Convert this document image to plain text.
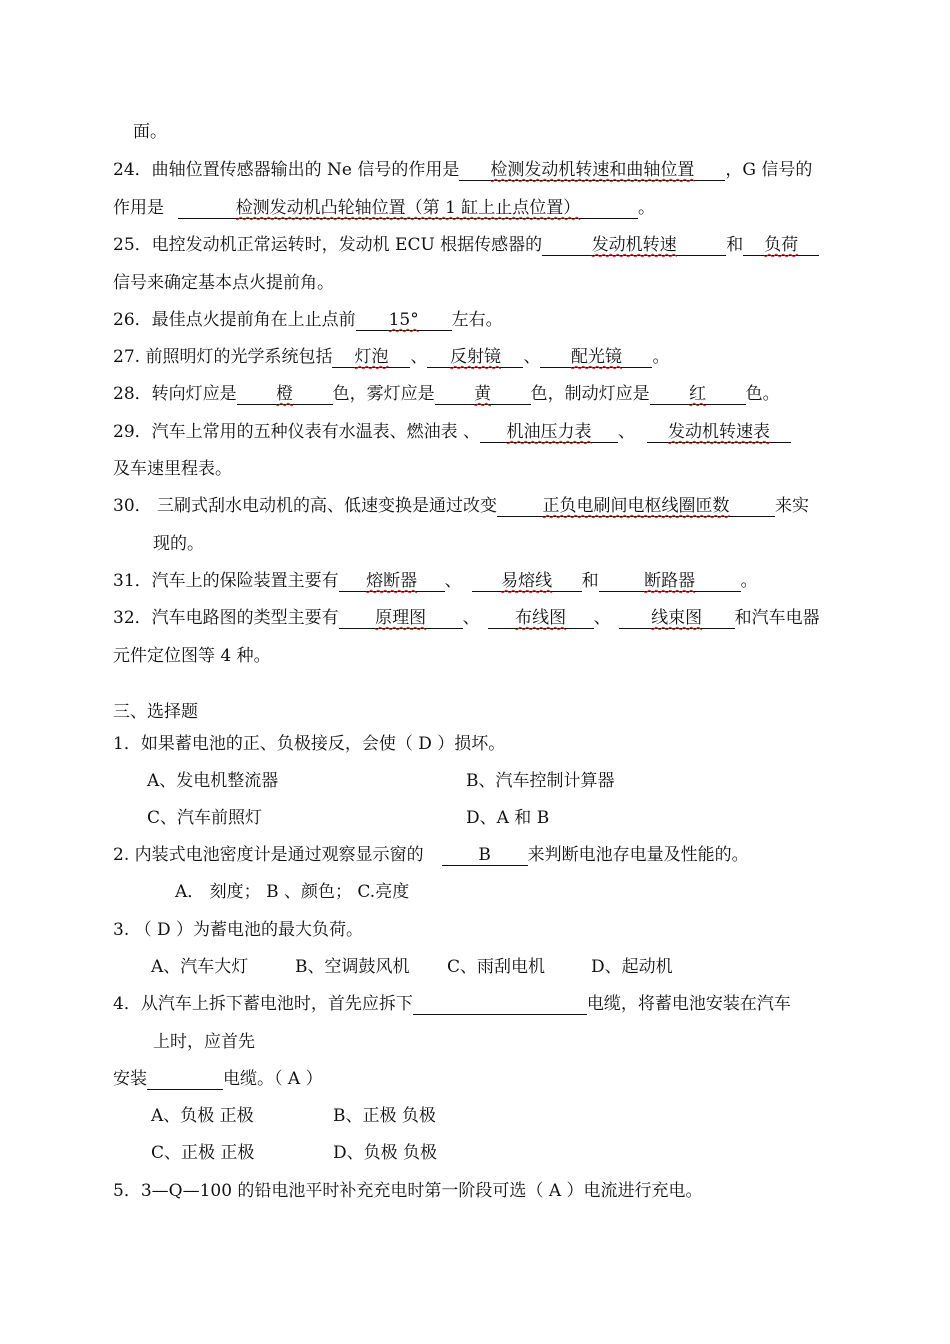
面。
24．曲轴位置传感器输出的 Ne 信号的作用是 检测发动机转速和曲轴位置 ，G 信号的
作用是	检测发动机凸轮轴位置（第 1 缸上止点位置）	。
25．电控发动机正常运转时，发动机 ECU 根据传感器的	发动机转速	和 负荷
信号来确定基本点火提前角。
26．最佳点火提前角在上止点前 15° 左右。
27. 前照明灯的光学系统包括 灯泡 、 反射镜 、 配光镜 。
28．转向灯应是 橙 色，雾灯应是 黄 色，制动灯应是 红 色。
29．汽车上常用的五种仪表有水温表、燃油表 、 机油压力表 、 发动机转速表
及车速里程表。
30． 三刷式刮水电动机的高、低速变换是通过改变	正负电刷间电枢线圈匝数	来实
现的。
31．汽车上的保险装置主要有 熔断器 、 易熔线 和	断路器	。
32．汽车电路图的类型主要有 原理图 、 布线图 、 线束图 和汽车电器
元件定位图等 4 种。
三、选择题
1．如果蓄电池的正、负极接反，会使（ D ）损坏。
A、发电机整流器	B、汽车控制计算器
C、汽车前照灯	D、A 和 B
2. 内装式电池密度计是通过观察显示窗的	B 来判断电池存电量及性能的。
A． 刻度； B 、颜色； C.亮度
3. （ D ）为蓄电池的最大负荷。
A、汽车大灯	B、空调鼓风机 C、雨刮电机	D、起动机
4．从汽车上拆下蓄电池时，首先应拆下	电缆，将蓄电池安装在汽车
上时，应首先
安装	电缆。（ A ）
A、负极 正极	B、正极 负极
C、正极 正极	D、负极 负极
5．3—Q—100 的铅电池平时补充充电时第一阶段可选（ A ）电流进行充电。
